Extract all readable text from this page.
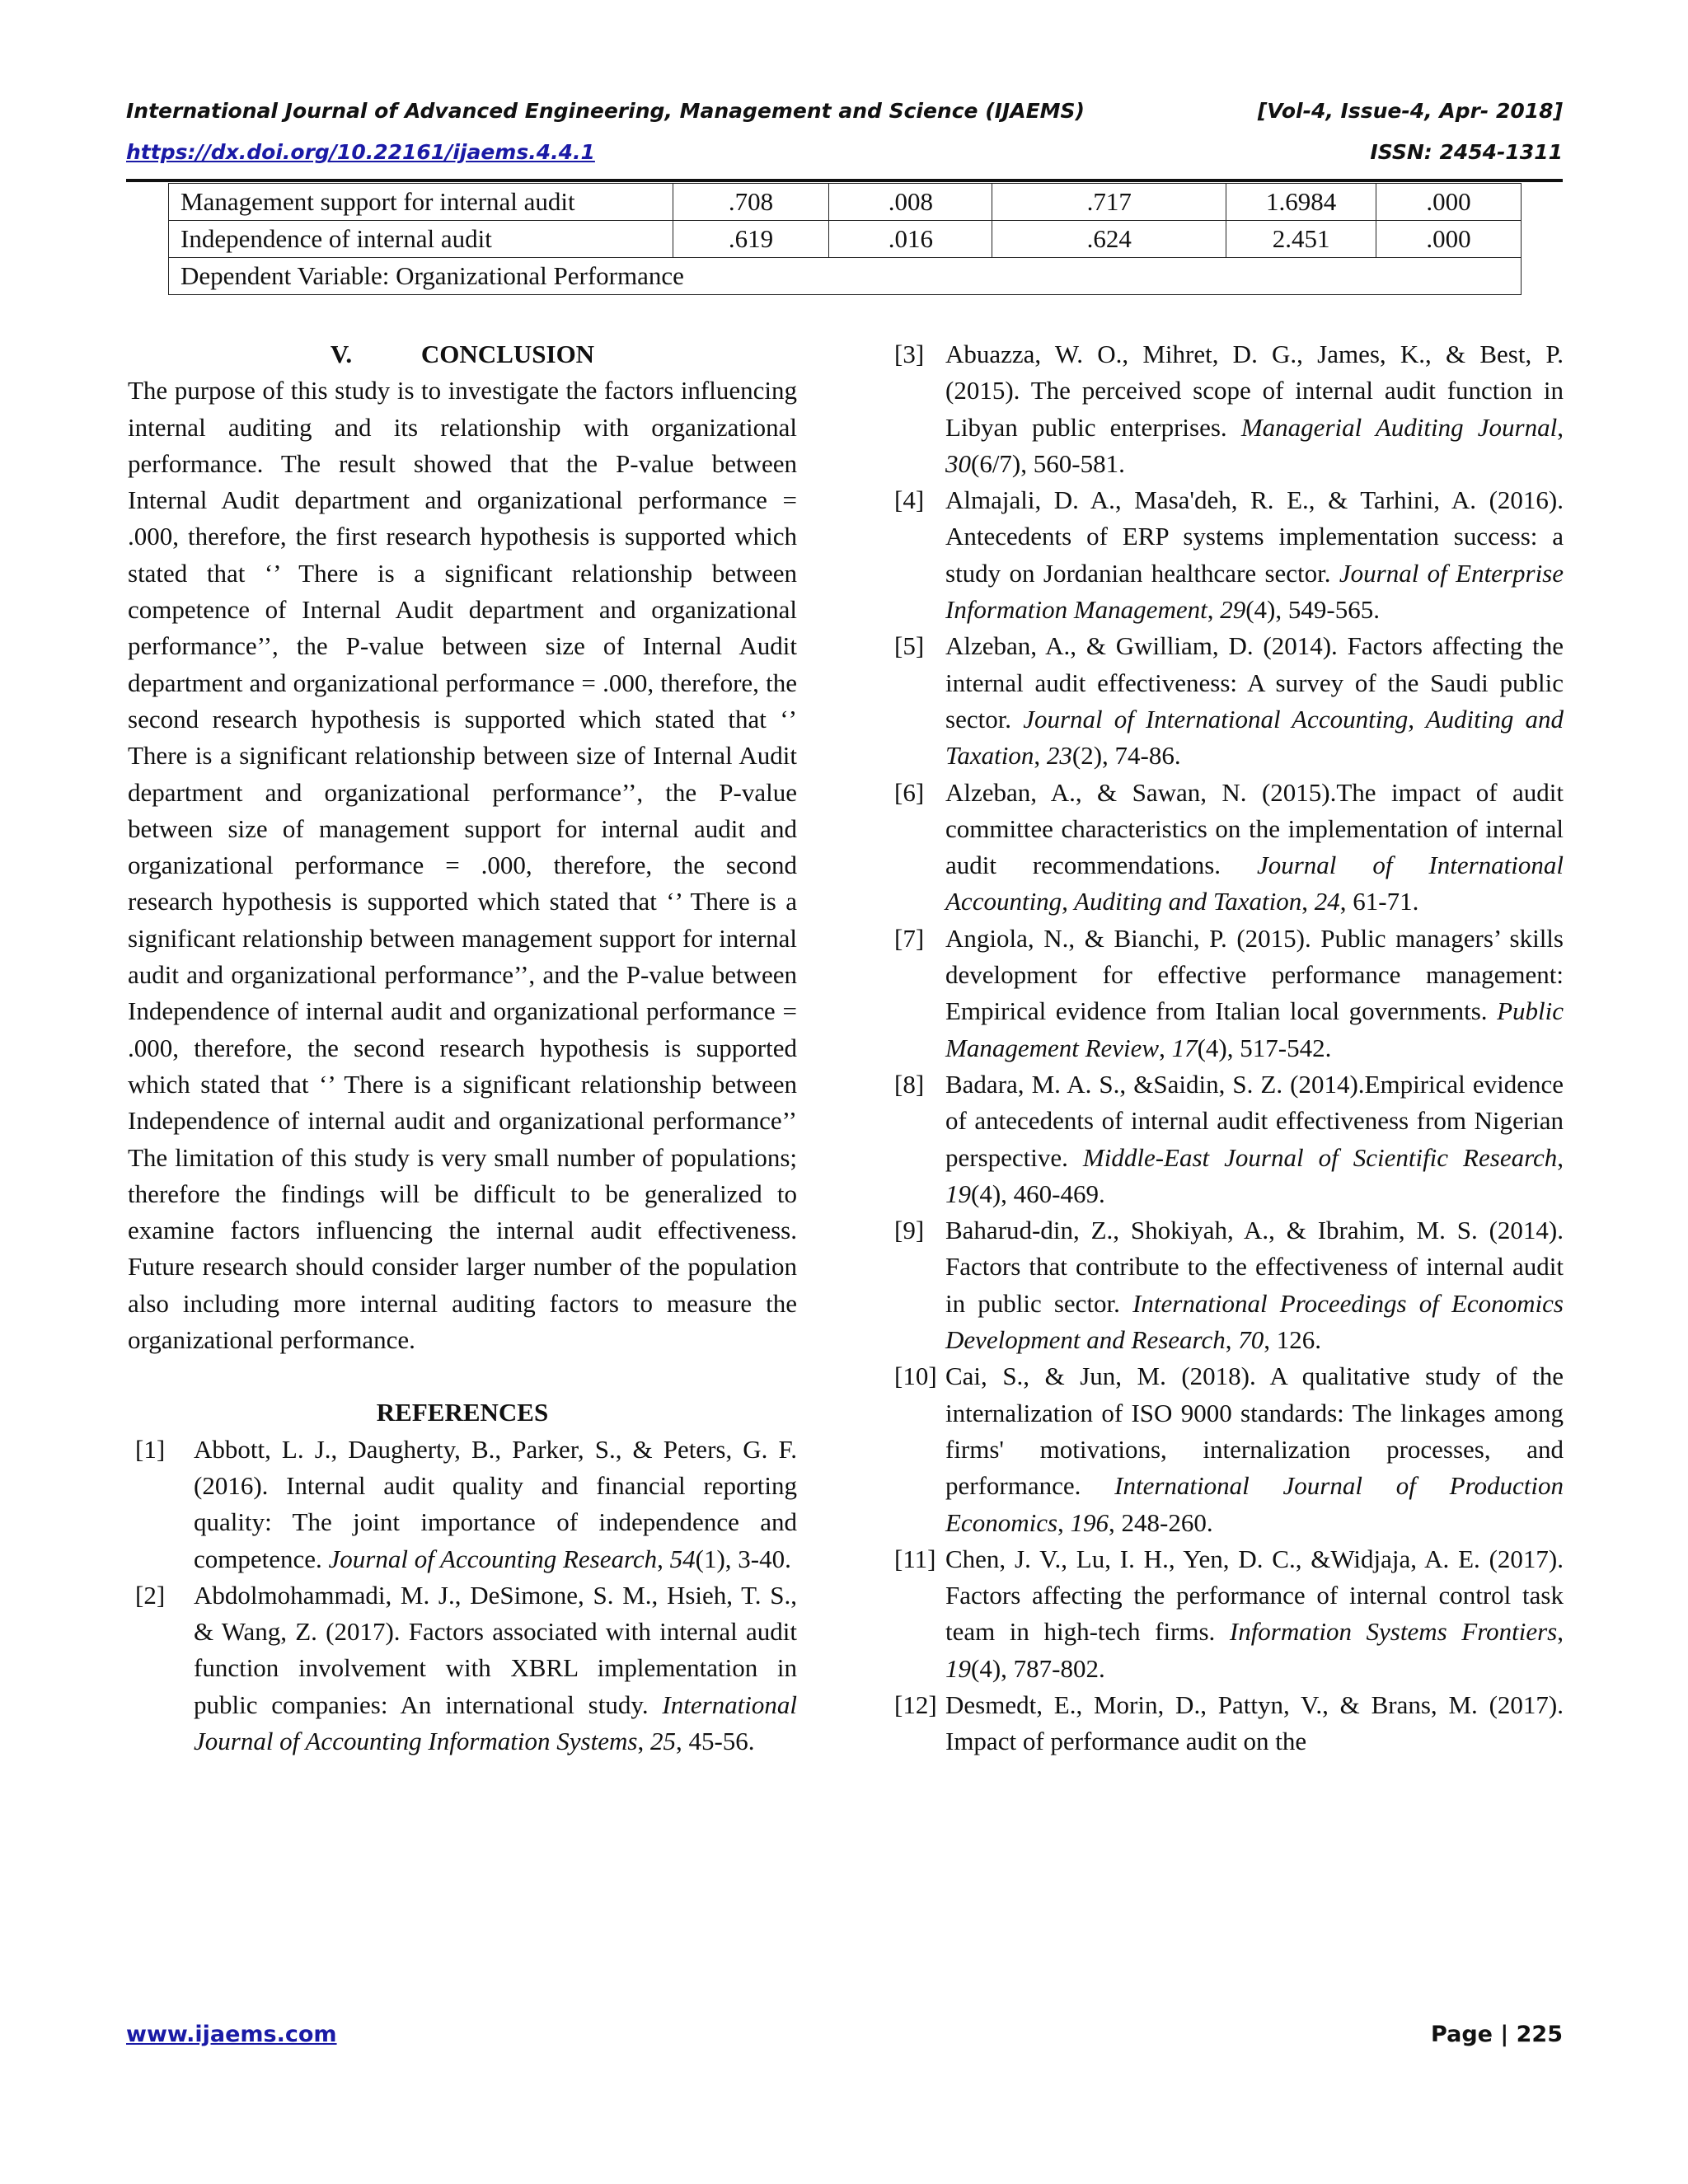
International Journal of Advanced Engineering, Management and Science (IJAEMS)	[Vol-4, Issue-4, Apr- 2018]
https://dx.doi.org/10.22161/ijaems.4.4.1	ISSN: 2454-1311
Management support for internal audit	.708	.008	.717	1.6984	.000
Independence of internal audit	.619	.016	.624	2.451	.000
Dependent Variable: Organizational Performance					
V.	CONCLUSION

The purpose of this study is to investigate the factors influencing internal auditing and its relationship with organizational performance. The result showed that the P-value between Internal Audit department and organizational performance = .000, therefore, the first research hypothesis is supported which stated that ‘’ There is a significant relationship between competence of Internal Audit department and organizational performance’’, the P-value between size of Internal Audit department and organizational performance = .000, therefore, the second research hypothesis is supported which stated that ‘’ There is a significant relationship between size of Internal Audit department and organizational performance’’, the P-value between size of management support for internal audit and organizational performance = .000, therefore, the second research hypothesis is supported which stated that ‘’ There is a significant relationship between management support for internal audit and organizational performance’’, and the P-value between Independence of internal audit and organizational performance = .000, therefore, the second research hypothesis is supported which stated that ‘’ There is a significant relationship between Independence of internal audit and organizational performance’’ The limitation of this study is very small number of populations; therefore the findings will be difficult to be generalized to examine factors influencing the internal audit effectiveness. Future research should consider larger number of the population also including more internal auditing factors to measure the organizational performance.

REFERENCES
[1]	Abbott, L. J., Daugherty, B., Parker, S., & Peters, G. F. (2016). Internal audit quality and financial reporting quality: The joint importance of independence and competence. Journal of Accounting Research, 54(1), 3-40.
[2]	Abdolmohammadi, M. J., DeSimone, S. M., Hsieh, T. S., & Wang, Z. (2017). Factors associated with internal audit function involvement with XBRL implementation in public companies: An international study. International Journal of Accounting Information Systems, 25, 45-56.
[3] Abuazza, W. O., Mihret, D. G., James, K., & Best, P. (2015). The perceived scope of internal audit function in Libyan public enterprises. Managerial Auditing Journal, 30(6/7), 560-581.
[4] Almajali, D. A., Masa'deh, R. E., & Tarhini, A. (2016). Antecedents of ERP systems implementation success: a study on Jordanian healthcare sector. Journal of Enterprise Information Management, 29(4), 549-565.
[5] Alzeban, A., & Gwilliam, D. (2014). Factors affecting the internal audit effectiveness: A survey of the Saudi public sector. Journal of International Accounting, Auditing and Taxation, 23(2), 74-86.
[6] Alzeban, A., & Sawan, N. (2015).The impact of audit committee characteristics on the implementation of internal audit recommendations. Journal of International Accounting, Auditing and Taxation, 24, 61-71.
[7] Angiola, N., & Bianchi, P. (2015). Public managers’ skills development for effective performance management: Empirical evidence from Italian local governments. Public Management Review, 17(4), 517-542.
[8] Badara, M. A. S., &Saidin, S. Z. (2014).Empirical evidence of antecedents of internal audit effectiveness from Nigerian perspective. Middle-East Journal of Scientific Research, 19(4), 460-469.
[9] Baharud-din, Z., Shokiyah, A., & Ibrahim, M. S. (2014). Factors that contribute to the effectiveness of internal audit in public sector. International Proceedings of Economics Development and Research, 70, 126.
[10] Cai, S., & Jun, M. (2018). A qualitative study of the internalization of ISO 9000 standards: The linkages among firms' motivations, internalization processes, and performance. International Journal of Production Economics, 196, 248-260.
[11] Chen, J. V., Lu, I. H., Yen, D. C., &Widjaja, A. E. (2017). Factors affecting the performance of internal control task team in high-tech firms. Information Systems Frontiers, 19(4), 787-802.
[12] Desmedt, E., Morin, D., Pattyn, V., & Brans, M. (2017). Impact of performance audit on the
www.ijaems.com	Page | 225
